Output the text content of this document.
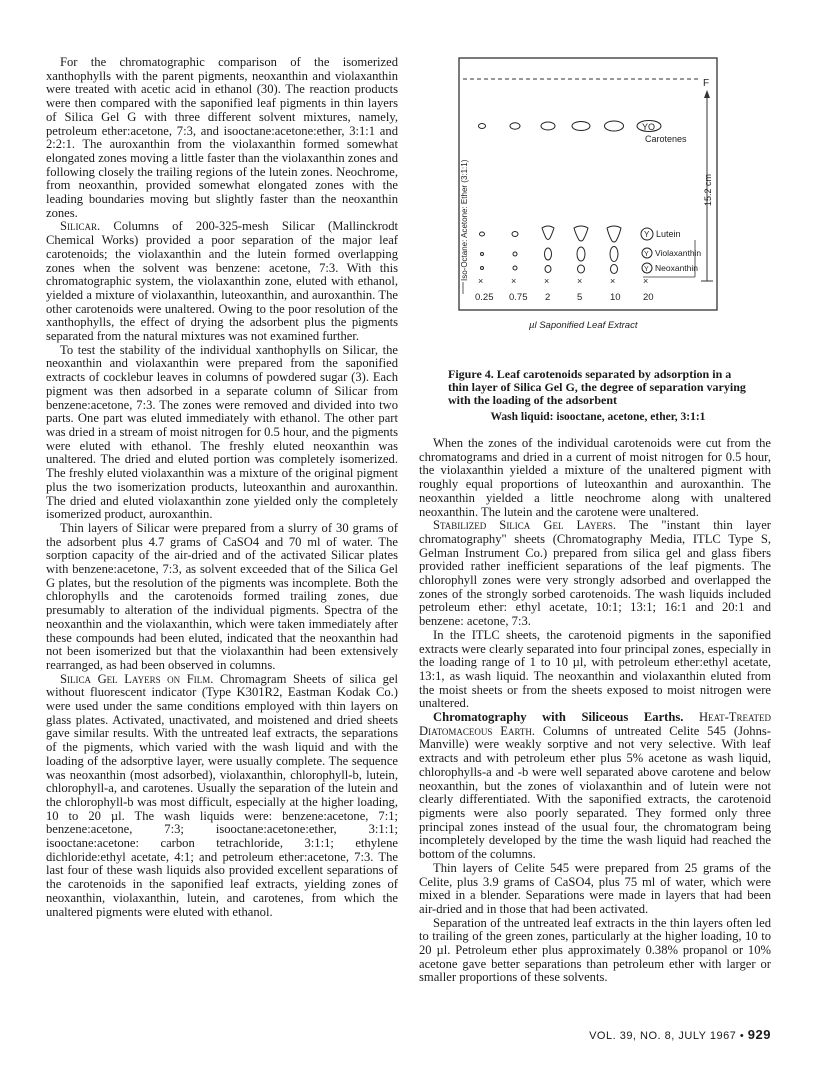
For the chromatographic comparison of the isomerized xanthophylls with the parent pigments, neoxanthin and violaxanthin were treated with acetic acid in ethanol (30). The reaction products were then compared with the saponified leaf pigments in thin layers of Silica Gel G with three different solvent mixtures, namely, petroleum ether:acetone, 7:3, and isooctane:acetone:ether, 3:1:1 and 2:2:1. The auroxanthin from the violaxanthin formed somewhat elongated zones moving a little faster than the violaxanthin zones and following closely the trailing regions of the lutein zones. Neochrome, from neoxanthin, provided somewhat elongated zones with the leading boundaries moving but slightly faster than the neoxanthin zones.

Silicar. Columns of 200-325-mesh Silicar (Mallinckrodt Chemical Works) provided a poor separation of the major leaf carotenoids; the violaxanthin and the lutein formed overlapping zones when the solvent was benzene: acetone, 7:3. With this chromatographic system, the violaxanthin zone, eluted with ethanol, yielded a mixture of violaxanthin, luteoxanthin, and auroxanthin. The other carotenoids were unaltered. Owing to the poor resolution of the xanthophylls, the effect of drying the adsorbent plus the pigments separated from the natural mixtures was not examined further.

To test the stability of the individual xanthophylls on Silicar, the neoxanthin and violaxanthin were prepared from the saponified extracts of cocklebur leaves in columns of powdered sugar (3). Each pigment was then adsorbed in a separate column of Silicar from benzene:acetone, 7:3. The zones were removed and divided into two parts. One part was eluted immediately with ethanol. The other part was dried in a stream of moist nitrogen for 0.5 hour, and the pigments were eluted with ethanol. The freshly eluted neoxanthin was unaltered. The dried and eluted portion was completely isomerized. The freshly eluted violaxanthin was a mixture of the original pigment plus the two isomerization products, luteoxanthin and auroxanthin. The dried and eluted violaxanthin zone yielded only the completely isomerized product, auroxanthin.

Thin layers of Silicar were prepared from a slurry of 30 grams of the adsorbent plus 4.7 grams of CaSO4 and 70 ml of water. The sorption capacity of the air-dried and of the activated Silicar plates with benzene:acetone, 7:3, as solvent exceeded that of the Silica Gel G plates, but the resolution of the pigments was incomplete. Both the chlorophylls and the carotenoids formed trailing zones, due presumably to alteration of the individual pigments. Spectra of the neoxanthin and the violaxanthin, which were taken immediately after these compounds had been eluted, indicated that the neoxanthin had not been isomerized but that the violaxanthin had been extensively rearranged, as had been observed in columns.

Silica Gel Layers on Film. Chromagram Sheets of silica gel without fluorescent indicator (Type K301R2, Eastman Kodak Co.) were used under the same conditions employed with thin layers on glass plates. Activated, unactivated, and moistened and dried sheets gave similar results. With the untreated leaf extracts, the separations of the pigments, which varied with the wash liquid and with the loading of the adsorptive layer, were usually complete. The sequence was neoxanthin (most adsorbed), violaxanthin, chlorophyll-b, lutein, chlorophyll-a, and carotenes. Usually the separation of the lutein and the chlorophyll-b was most difficult, especially at the higher loading, 10 to 20 µl. The wash liquids were: benzene:acetone, 7:1; benzene:acetone, 7:3; isooctane:acetone:ether, 3:1:1; isooctane:acetone: carbon tetrachloride, 3:1:1; ethylene dichloride:ethyl acetate, 4:1; and petroleum ether:acetone, 7:3. The last four of these wash liquids also provided excellent separations of the carotenoids in the saponified leaf extracts, yielding zones of neoxanthin, violaxanthin, lutein, and carotenes, from which the unaltered pigments were eluted with ethanol.

F
15.2 cm
Iso-Octane: Acetone: Ether (3:1:1)
YO
Carotenes
Y Lutein
Y Violaxanthin
Y Neoxanthin
×	×	×	×	×	×
0.25 0.75 2	5	10 20
µl Saponified Leaf Extract
Figure 4. Leaf carotenoids separated by adsorption in a thin layer of Silica Gel G, the degree of separation varying with the loading of the adsorbent
Wash liquid: isooctane, acetone, ether, 3:1:1

When the zones of the individual carotenoids were cut from the chromatograms and dried in a current of moist nitrogen for 0.5 hour, the violaxanthin yielded a mixture of the unaltered pigment with roughly equal proportions of luteoxanthin and auroxanthin. The neoxanthin yielded a little neochrome along with unaltered neoxanthin. The lutein and the carotene were unaltered.

Stabilized Silica Gel Layers. The "instant thin layer chromatography" sheets (Chromatography Media, ITLC Type S, Gelman Instrument Co.) prepared from silica gel and glass fibers provided rather inefficient separations of the leaf pigments. The chlorophyll zones were very strongly adsorbed and overlapped the zones of the strongly sorbed carotenoids. The wash liquids included petroleum ether: ethyl acetate, 10:1; 13:1; 16:1 and 20:1 and benzene: acetone, 7:3.

In the ITLC sheets, the carotenoid pigments in the saponified extracts were clearly separated into four principal zones, especially in the loading range of 1 to 10 µl, with petroleum ether:ethyl acetate, 13:1, as wash liquid. The neoxanthin and violaxanthin eluted from the moist sheets or from the sheets exposed to moist nitrogen were unaltered.

Chromatography with Siliceous Earths. Heat-Treated Diatomaceous Earth. Columns of untreated Celite 545 (Johns-Manville) were weakly sorptive and not very selective. With leaf extracts and with petroleum ether plus 5% acetone as wash liquid, chlorophylls-a and -b were well separated above carotene and below neoxanthin, but the zones of violaxanthin and of lutein were not clearly differentiated. With the saponified extracts, the carotenoid pigments were also poorly separated. They formed only three principal zones instead of the usual four, the chromatogram being incompletely developed by the time the wash liquid had reached the bottom of the columns.

Thin layers of Celite 545 were prepared from 25 grams of the Celite, plus 3.9 grams of CaSO4, plus 75 ml of water, which were mixed in a blender. Separations were made in layers that had been air-dried and in those that had been activated.

Separation of the untreated leaf extracts in the thin layers often led to trailing of the green zones, particularly at the higher loading, 10 to 20 µl. Petroleum ether plus approximately 0.38% propanol or 10% acetone gave better separations than petroleum ether with larger or smaller proportions of these solvents.

VOL. 39, NO. 8, JULY 1967 • 929
